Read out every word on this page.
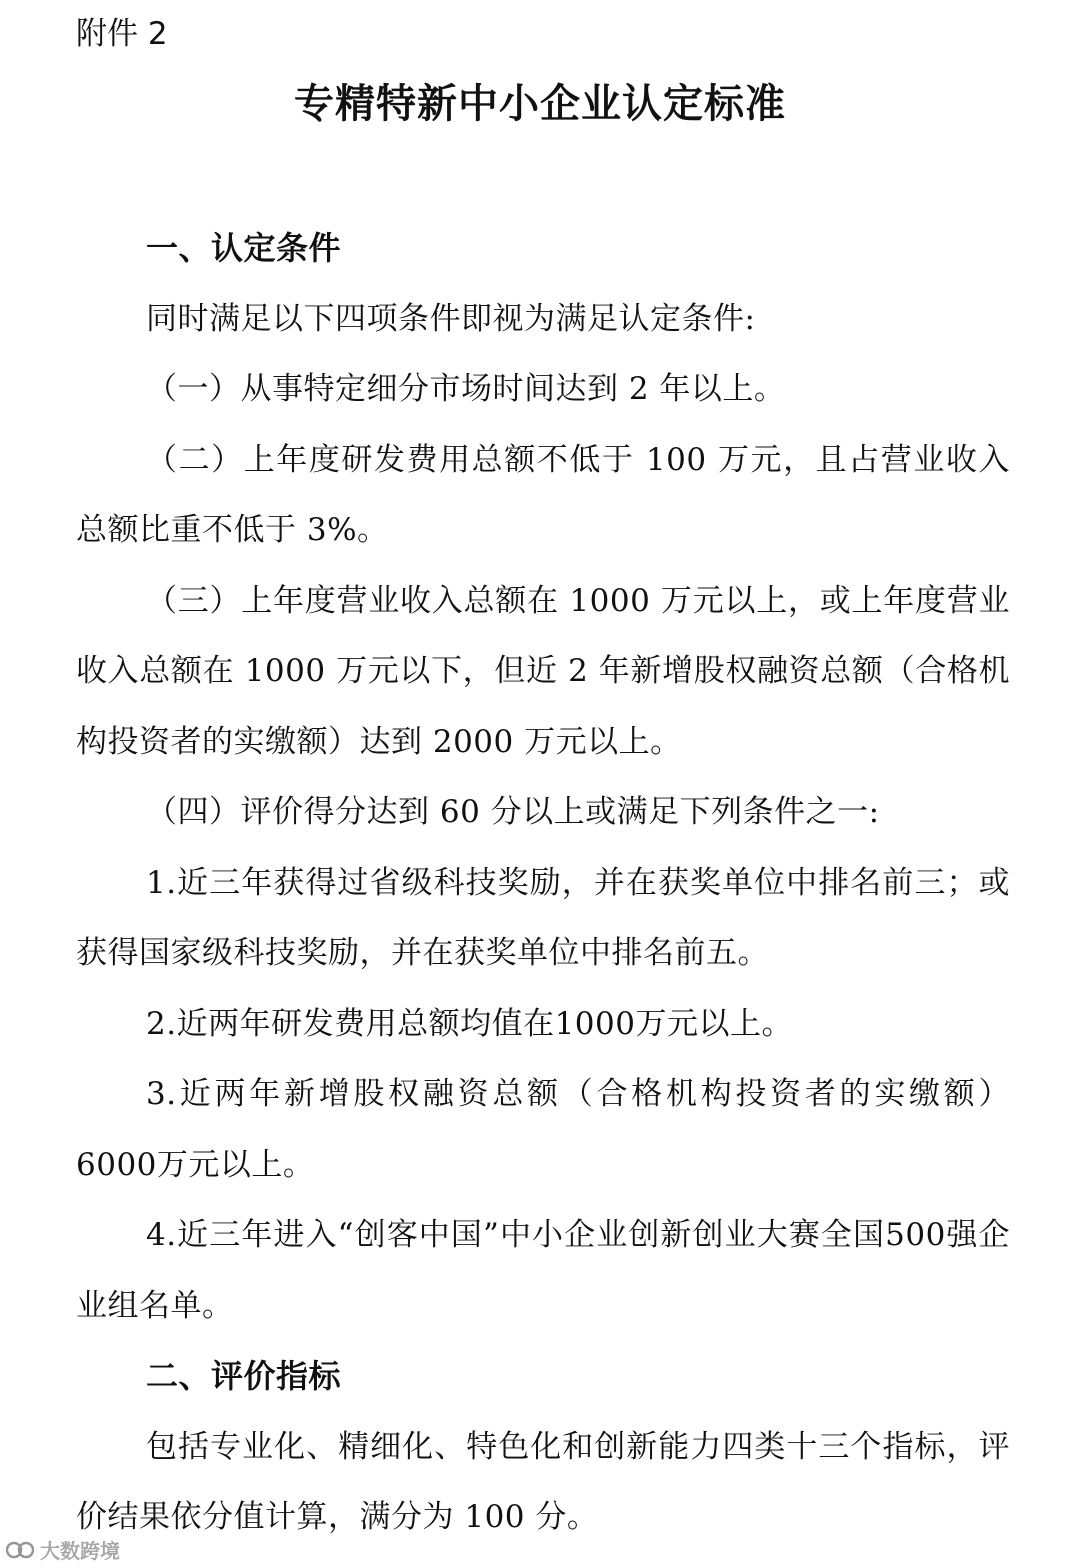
附件 2
专精特新中小企业认定标准

一、认定条件

同时满足以下四项条件即视为满足认定条件:

（一）从事特定细分市场时间达到 2 年以上。

（二）上年度研发费用总额不低于 100 万元，且占营业收入总额比重不低于 3%。

（三）上年度营业收入总额在 1000 万元以上，或上年度营业收入总额在 1000 万元以下，但近 2 年新增股权融资总额（合格机构投资者的实缴额）达到 2000 万元以上。

（四）评价得分达到 60 分以上或满足下列条件之一:

1.近三年获得过省级科技奖励，并在获奖单位中排名前三；或获得国家级科技奖励，并在获奖单位中排名前五。

2.近两年研发费用总额均值在1000万元以上。

3.近两年新增股权融资总额（合格机构投资者的实缴额）6000万元以上。

4.近三年进入“创客中国”中小企业创新创业大赛全国500强企业组名单。

二、评价指标

包括专业化、精细化、特色化和创新能力四类十三个指标，评价结果依分值计算，满分为 100 分。

大数跨境
